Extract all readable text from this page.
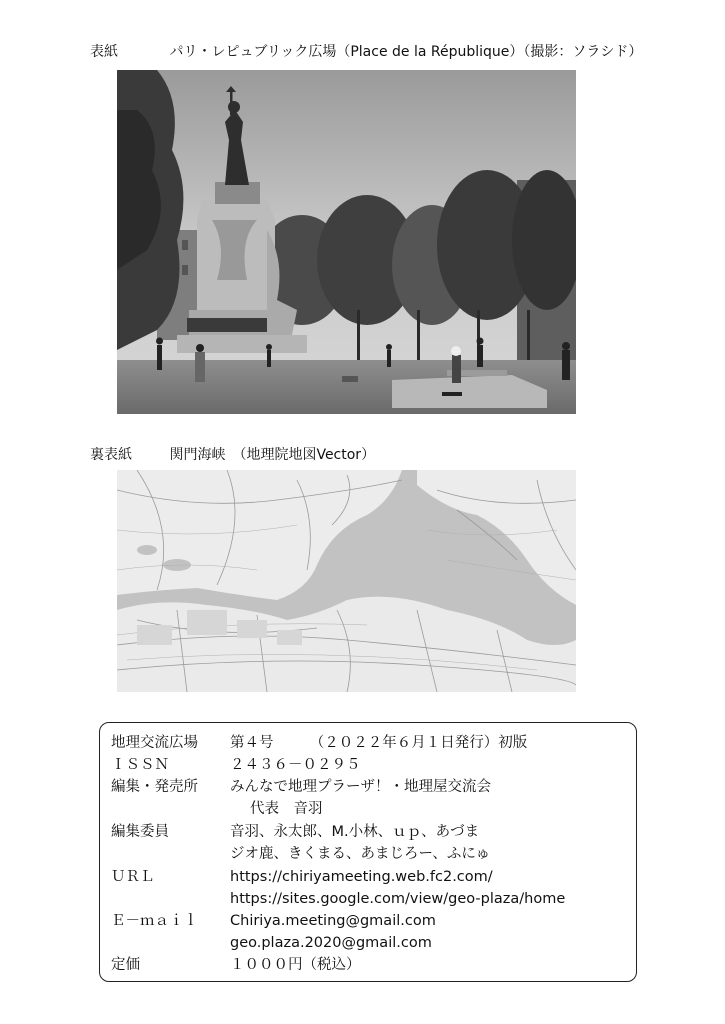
表紙	パリ・レピュブリック広場（Place de la République）（撮影：ソラシド）
裏表紙	関門海峡　（地理院地図Vector）
地理交流広場 第４号　　　（２０２２年６月１日発行）初版
ＩＳＳＮ	２４３６－０２９５
編集・発売所 みんなで地理プラーザ！・地理屋交流会
代表　音羽
編集委員	音羽、永太郎、M.小林、ｕｐ、あづま
ジオ鹿、きくまる、あまじろー、ふにゅ
ＵＲＬ	https://chiriyameeting.web.fc2.com/
https://sites.google.com/view/geo-plaza/home
Ｅ－ｍａｉｌ Chiriya.meeting@gmail.com
geo.plaza.2020@gmail.com
定価	１０００円（税込）
